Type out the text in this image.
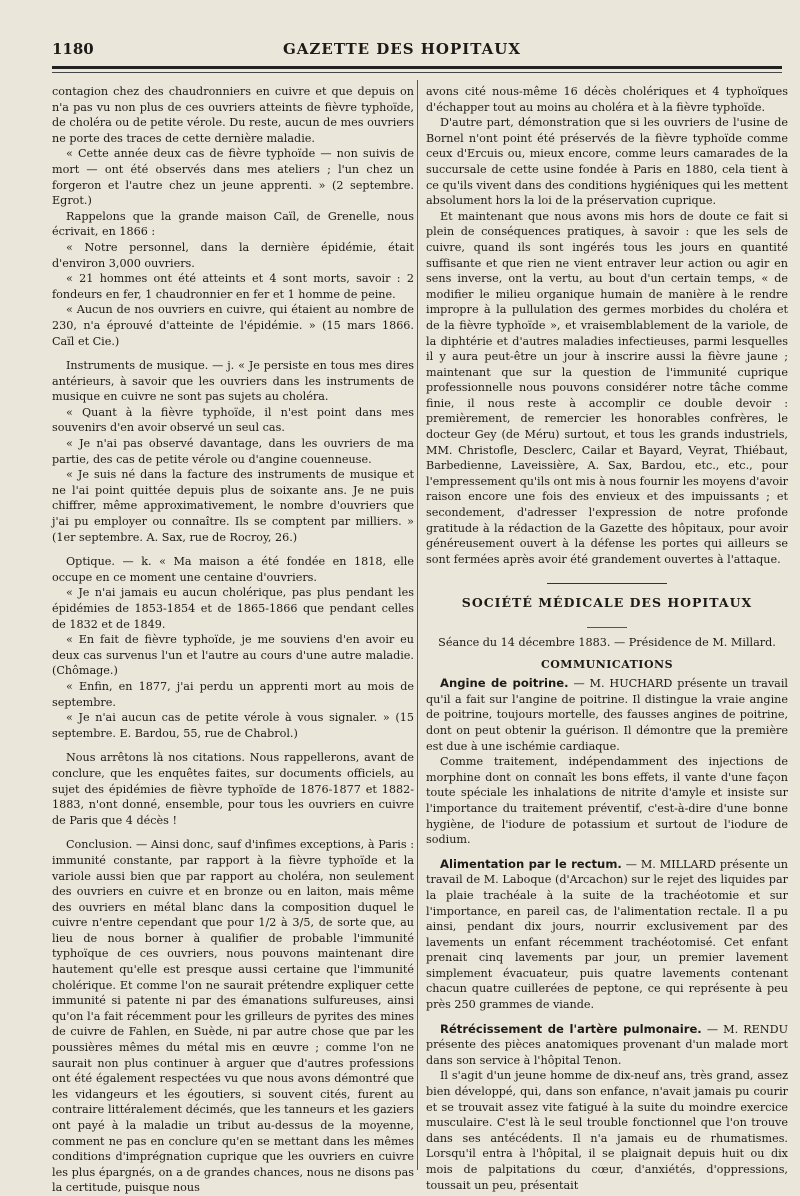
1180	GAZETTE DES HOPITAUX

contagion chez des chaudronniers en cuivre et que depuis on n'a pas vu non plus de ces ouvriers atteints de fièvre typhoïde, de choléra ou de petite vérole. Du reste, aucun de mes ouvriers ne porte des traces de cette dernière maladie.

« Cette année deux cas de fièvre typhoïde — non suivis de mort — ont été observés dans mes ateliers ; l'un chez un forgeron et l'autre chez un jeune apprenti. » (2 septembre. Egrot.)

Rappelons que la grande maison Caïl, de Grenelle, nous écrivait, en 1866 :

« Notre personnel, dans la dernière épidémie, était d'environ 3,000 ouvriers.

« 21 hommes ont été atteints et 4 sont morts, savoir : 2 fondeurs en fer, 1 chaudronnier en fer et 1 homme de peine.

« Aucun de nos ouvriers en cuivre, qui étaient au nombre de 230, n'a éprouvé d'atteinte de l'épidémie. » (15 mars 1866. Caïl et Cie.)

Instruments de musique. — j. « Je persiste en tous mes dires antérieurs, à savoir que les ouvriers dans les instruments de musique en cuivre ne sont pas sujets au choléra.

« Quant à la fièvre typhoïde, il n'est point dans mes souvenirs d'en avoir observé un seul cas.

« Je n'ai pas observé davantage, dans les ouvriers de ma partie, des cas de petite vérole ou d'angine couenneuse.

« Je suis né dans la facture des instruments de musique et ne l'ai point quittée depuis plus de soixante ans. Je ne puis chiffrer, même approximativement, le nombre d'ouvriers que j'ai pu employer ou connaître. Ils se comptent par milliers. » (1er septembre. A. Sax, rue de Rocroy, 26.)

Optique. — k. « Ma maison a été fondée en 1818, elle occupe en ce moment une centaine d'ouvriers.

« Je n'ai jamais eu aucun cholérique, pas plus pendant les épidémies de 1853-1854 et de 1865-1866 que pendant celles de 1832 et de 1849.

« En fait de fièvre typhoïde, je me souviens d'en avoir eu deux cas survenus l'un et l'autre au cours d'une autre maladie. (Chômage.)

« Enfin, en 1877, j'ai perdu un apprenti mort au mois de septembre.

« Je n'ai aucun cas de petite vérole à vous signaler. » (15 septembre. E. Bardou, 55, rue de Chabrol.)

Nous arrêtons là nos citations. Nous rappellerons, avant de conclure, que les enquêtes faites, sur documents officiels, au sujet des épidémies de fièvre typhoïde de 1876-1877 et 1882-1883, n'ont donné, ensemble, pour tous les ouvriers en cuivre de Paris que 4 décès !

Conclusion. — Ainsi donc, sauf d'infimes exceptions, à Paris : immunité constante, par rapport à la fièvre typhoïde et la variole aussi bien que par rapport au choléra, non seulement des ouvriers en cuivre et en bronze ou en laiton, mais même des ouvriers en métal blanc dans la composition duquel le cuivre n'entre cependant que pour 1/2 à 3/5, de sorte que, au lieu de nous borner à qualifier de probable l'immunité typhoïque de ces ouvriers, nous pouvons maintenant dire hautement qu'elle est presque aussi certaine que l'immunité cholérique. Et comme l'on ne saurait prétendre expliquer cette immunité si patente ni par des émanations sulfureuses, ainsi qu'on l'a fait récemment pour les grilleurs de pyrites des mines de cuivre de Fahlen, en Suède, ni par autre chose que par les poussières mêmes du métal mis en œuvre ; comme l'on ne saurait non plus continuer à arguer que d'autres professions ont été également respectées vu que nous avons démontré que les vidangeurs et les égoutiers, si souvent cités, furent au contraire littéralement décimés, que les tanneurs et les gaziers ont payé à la maladie un tribut au-dessus de la moyenne, comment ne pas en conclure qu'en se mettant dans les mêmes conditions d'imprégnation cuprique que les ouvriers en cuivre les plus épargnés, on a de grandes chances, nous ne disons pas la certitude, puisque nous

avons cité nous-même 16 décès cholériques et 4 typhoïques d'échapper tout au moins au choléra et à la fièvre typhoïde.

D'autre part, démonstration que si les ouvriers de l'usine de Bornel n'ont point été préservés de la fièvre typhoïde comme ceux d'Ercuis ou, mieux encore, comme leurs camarades de la succursale de cette usine fondée à Paris en 1880, cela tient à ce qu'ils vivent dans des conditions hygiéniques qui les mettent absolument hors la loi de la préservation cuprique.

Et maintenant que nous avons mis hors de doute ce fait si plein de conséquences pratiques, à savoir : que les sels de cuivre, quand ils sont ingérés tous les jours en quantité suffisante et que rien ne vient entraver leur action ou agir en sens inverse, ont la vertu, au bout d'un certain temps, « de modifier le milieu organique humain de manière à le rendre impropre à la pullulation des germes morbides du choléra et de la fièvre typhoïde », et vraisemblablement de la variole, de la diphtérie et d'autres maladies infectieuses, parmi lesquelles il y aura peut-être un jour à inscrire aussi la fièvre jaune ; maintenant que sur la question de l'immunité cuprique professionnelle nous pouvons considérer notre tâche comme finie, il nous reste à accomplir ce double devoir : premièrement, de remercier les honorables confrères, le docteur Gey (de Méru) surtout, et tous les grands industriels, MM. Christofle, Desclerc, Cailar et Bayard, Veyrat, Thiébaut, Barbedienne, Laveissière, A. Sax, Bardou, etc., etc., pour l'empressement qu'ils ont mis à nous fournir les moyens d'avoir raison encore une fois des envieux et des impuissants ; et secondement, d'adresser l'expression de notre profonde gratitude à la rédaction de la Gazette des hôpitaux, pour avoir généreusement ouvert à la défense les portes qui ailleurs se sont fermées après avoir été grandement ouvertes à l'attaque.

SOCIÉTÉ MÉDICALE DES HOPITAUX
Séance du 14 décembre 1883. — Présidence de M. Millard.
COMMUNICATIONS

Angine de poitrine. — M. HUCHARD présente un travail qu'il a fait sur l'angine de poitrine. Il distingue la vraie angine de poitrine, toujours mortelle, des fausses angines de poitrine, dont on peut obtenir la guérison. Il démontre que la première est due à une ischémie cardiaque.

Comme traitement, indépendamment des injections de morphine dont on connaît les bons effets, il vante d'une façon toute spéciale les inhalations de nitrite d'amyle et insiste sur l'importance du traitement préventif, c'est-à-dire d'une bonne hygiène, de l'iodure de potassium et surtout de l'iodure de sodium.

Alimentation par le rectum. — M. MILLARD présente un travail de M. Laboque (d'Arcachon) sur le rejet des liquides par la plaie trachéale à la suite de la trachéotomie et sur l'importance, en pareil cas, de l'alimentation rectale. Il a pu ainsi, pendant dix jours, nourrir exclusivement par des lavements un enfant récemment trachéotomisé. Cet enfant prenait cinq lavements par jour, un premier lavement simplement évacuateur, puis quatre lavements contenant chacun quatre cuillerées de peptone, ce qui représente à peu près 250 grammes de viande.

Rétrécissement de l'artère pulmonaire. — M. RENDU présente des pièces anatomiques provenant d'un malade mort dans son service à l'hôpital Tenon.

Il s'agit d'un jeune homme de dix-neuf ans, très grand, assez bien développé, qui, dans son enfance, n'avait jamais pu courir et se trouvait assez vite fatigué à la suite du moindre exercice musculaire. C'est là le seul trouble fonctionnel que l'on trouve dans ses antécédents. Il n'a jamais eu de rhumatismes. Lorsqu'il entra à l'hôpital, il se plaignait depuis huit ou dix mois de palpitations du cœur, d'anxiétés, d'oppressions, toussait un peu, présentait
